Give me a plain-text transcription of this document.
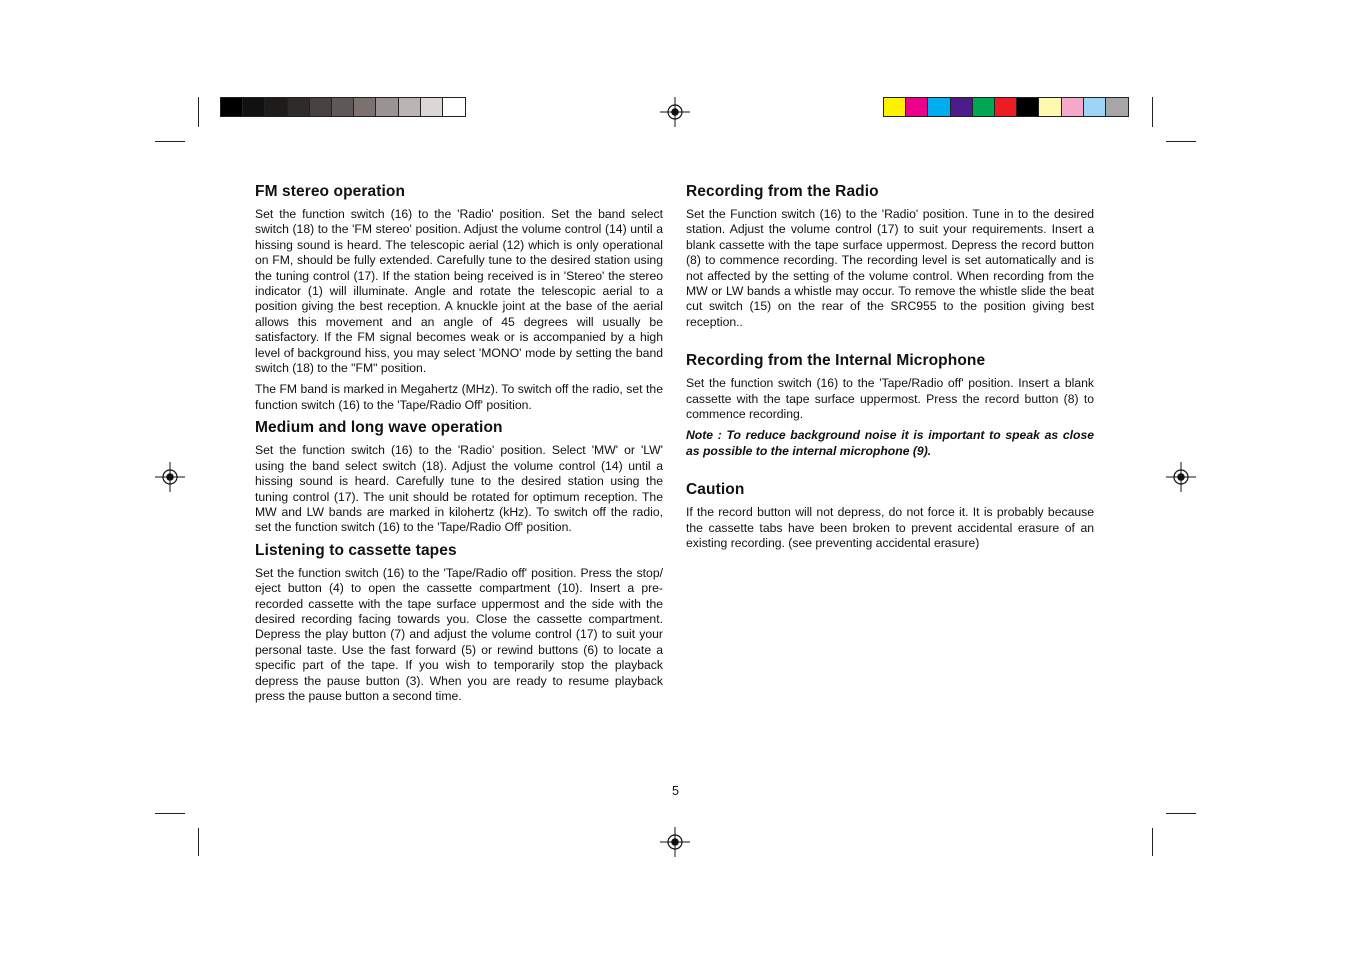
FM stereo operation

Set the function switch (16) to the 'Radio' position. Set the band select switch (18) to the 'FM stereo' position. Adjust the volume control (14) until a hissing sound is heard. The telescopic aerial (12) which is only operational on FM, should be fully extended. Carefully tune to the desired station using the tuning control (17). If the station being received is in 'Stereo' the stereo indicator (1) will illuminate. Angle and rotate the telescopic aerial to a position giving the best reception. A knuckle joint at the base of the aerial allows this movement and an angle of 45 degrees will usually be satisfactory. If the FM signal becomes weak or is accompanied by a high level of background hiss, you may select 'MONO' mode by setting the band switch (18) to the "FM" position.

The FM band is marked in Megahertz (MHz). To switch off the radio, set the function switch (16) to the 'Tape/Radio Off' position.

Medium and long wave operation

Set the function switch (16) to the 'Radio' position. Select 'MW' or 'LW' using the band select switch (18). Adjust the volume control (14) until a hissing sound is heard. Carefully tune to the desired station using the tuning control (17). The unit should be rotated for optimum reception. The MW and LW bands are marked in kilohertz (kHz). To switch off the radio, set the function switch (16) to the 'Tape/Radio Off' position.

Listening to cassette tapes

Set the function switch (16) to the 'Tape/Radio off' position. Press the stop/ eject button (4) to open the cassette compartment (10). Insert a pre-recorded cassette with the tape surface uppermost and the side with the desired recording facing towards you. Close the cassette compartment. Depress the play button (7) and adjust the volume control (17) to suit your personal taste. Use the fast forward (5) or rewind buttons (6) to locate a specific part of the tape. If you wish to temporarily stop the playback depress the pause button (3). When you are ready to resume playback press the pause button a second time.

Recording from the Radio

Set the Function switch (16) to the 'Radio' position. Tune in to the desired station. Adjust the volume control (17) to suit your requirements. Insert a blank cassette with the tape surface uppermost. Depress the record button (8) to commence recording. The recording level is set automatically and is not affected by the setting of the volume control. When recording from the MW or LW bands a whistle may occur. To remove the whistle slide the beat cut switch (15) on the rear of the SRC955 to the position giving best reception..

Recording from the Internal Microphone

Set the function switch (16) to the 'Tape/Radio off' position. Insert a blank cassette with the tape surface uppermost. Press the record button (8) to commence recording.

Note : To reduce background noise it is important to speak as close as possible to the internal microphone (9).

Caution

If the record button will not depress, do not force it. It is probably because the cassette tabs have been broken to prevent accidental erasure of an existing recording. (see preventing accidental erasure)

5
